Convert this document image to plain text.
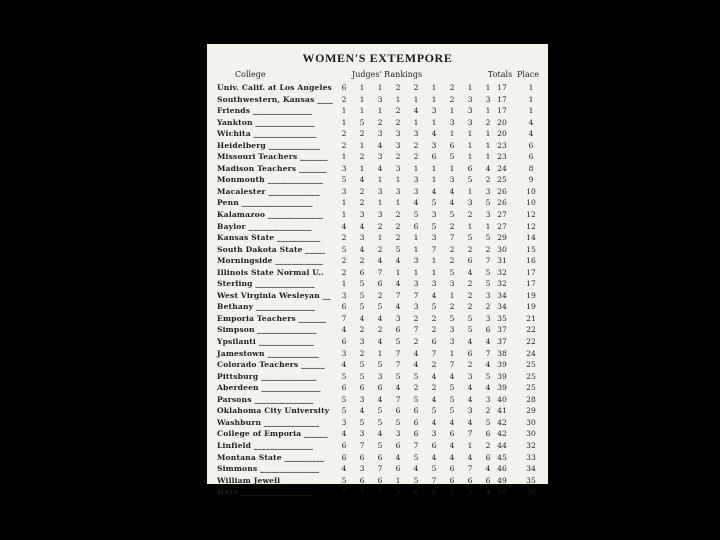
WOMEN'S EXTEMPORE
College	Judges' Rankings	Totals Place
Univ. Calif. at Los Angeles	6	1	1	2	2	1	2	1	1 17	1
Southwestern, Kansas ____	2	1	3	1	1	1	2	3	3 17	1
Friends _______________	1	1	1	2	4	3	1	3	1 17	1
Yankton _______________	1	5	2	2	1	1	3	3	2 20	4
Wichita ________________	2	2	3	3	3	4	1	1	1 20	4
Heidelberg _____________	2	1	4	3	2	3	6	1	1 23	6
Missouri Teachers _______	1	2	3	2	2	6	5	1	1 23	6
Madison Teachers _______	3	1	4	3	1	1	1	6	4 24	8
Monmouth ______________	5	4	1	1	3	1	3	5	2 25	9
Macalester _____________	3	2	3	3	3	4	4	1	3 26	10
Penn __________________	1	2	1	1	4	5	4	3	5 26	10
Kalamazoo ______________	1	3	3	2	5	3	5	2	3 27	12
Baylor ________________	4	4	2	2	6	5	2	1	1 27	12
Kansas State ___________	2	3	1	2	1	3	7	5	5 29	14
South Dakota State _____	5	4	2	5	1	7	2	2	2 30	15
Morningside ____________	2	2	4	4	3	1	2	6	7 31	16
Illinois State Normal U..	2	6	7	1	1	1	5	4	5 32	17
Sterling _______________	1	5	6	4	3	3	3	2	5 32	17
West Virginia Wesleyan __	3	5	2	7	7	4	1	2	3 34	19
Bethany _______________	6	5	5	4	3	5	2	2	2 34	19
Emporia Teachers _______	7	4	4	3	2	2	5	5	3 35	21
Simpson _______________	4	2	2	6	7	2	3	5	6 37	22
Ypsilanti ______________	6	3	4	5	2	6	3	4	4 37	22
Jamestown _____________	3	2	1	7	4	7	1	6	7 38	24
Colorado Teachers ______	4	5	5	7	4	2	7	2	4 39	25
Pittsburg ______________	5	5	3	5	5	4	4	3	5 39	25
Aberdeen _______________	6	6	6	4	2	2	5	4	4 39	25
Parsons _______________	5	3	4	7	5	4	5	4	3 40	28
Oklahoma City University	5	4	5	6	6	5	5	3	2 41	29
Washburn ______________	3	5	5	5	6	4	4	4	5 42	30
College of Emporia ______	4	3	4	3	6	3	6	7	6 42	30
Linfield _______________	6	7	5	6	7	6	4	1	2 44	32
Montana State __________	6	6	6	4	5	4	4	4	6 45	33
Simmons _______________	4	3	7	6	4	5	6	7	4 46	34
William Jewell _________	5	6	6	1	5	7	6	6	6 49	35
Hays __________________	7	7	7	5	6	6	3	5	4 50	36
